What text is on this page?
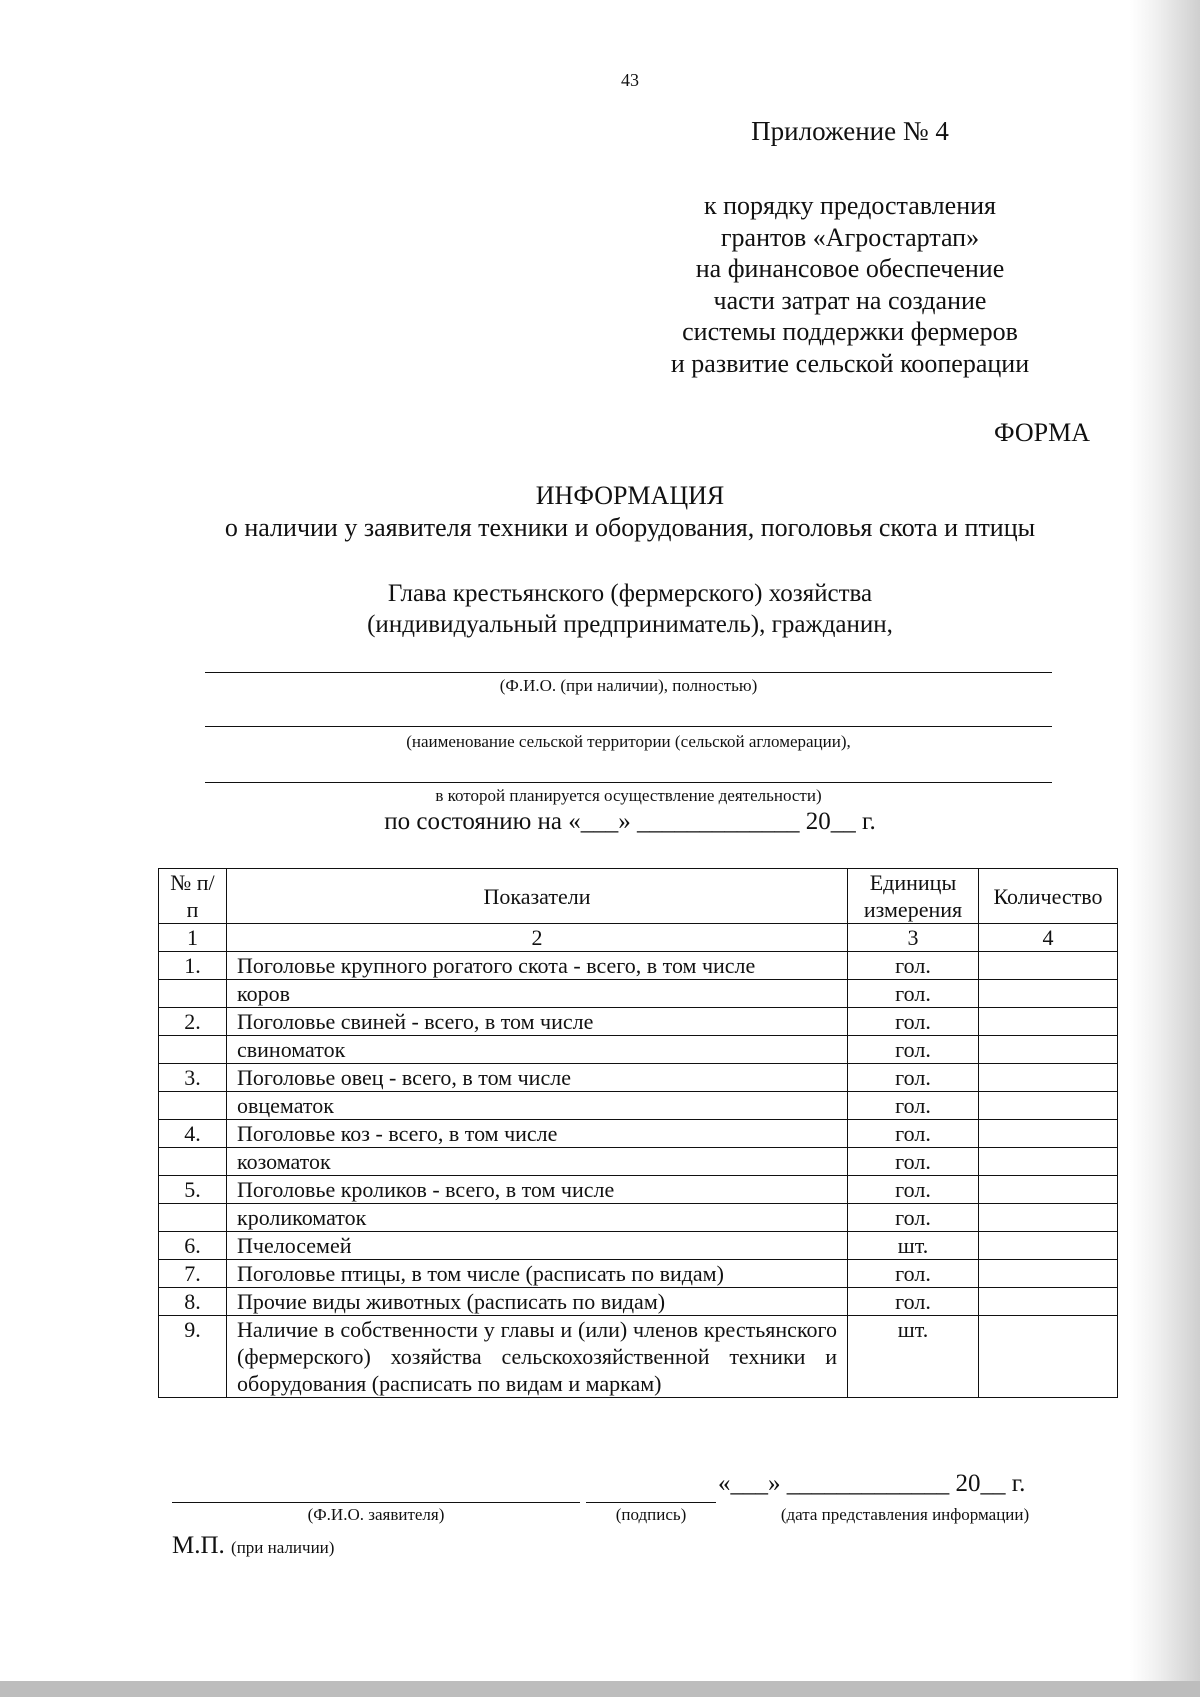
43
Приложение № 4
к порядку предоставления
грантов «Агростартап»
на финансовое обеспечение
части затрат на создание
системы поддержки фермеров
и развитие сельской кооперации
ФОРМА
ИНФОРМАЦИЯ
о наличии у заявителя техники и оборудования, поголовья скота и птицы
Глава крестьянского (фермерского) хозяйства
(индивидуальный предприниматель), гражданин,
(Ф.И.О. (при наличии), полностью)
(наименование сельской территории (сельской агломерации),
в которой планируется осуществление деятельности)
по состоянию на «___» _____________ 20__ г.
№ п/п	Показатели	Единицы измерения	Количество
1	2	3	4
1.	Поголовье крупного рогатого скота - всего, в том числе	гол.	
	коров	гол.	
2.	Поголовье свиней - всего, в том числе	гол.	
	свиноматок	гол.	
3.	Поголовье овец - всего, в том числе	гол.	
	овцематок	гол.	
4.	Поголовье коз - всего, в том числе	гол.	
	козоматок	гол.	
5.	Поголовье кроликов - всего, в том числе	гол.	
	кроликоматок	гол.	
6.	Пчелосемей	шт.	
7.	Поголовье птицы, в том числе (расписать по видам)	гол.	
8.	Прочие виды животных (расписать по видам)	гол.	
9.	Наличие в собственности у главы и (или) членов крестьянского (фермерского) хозяйства сельскохозяйственной техники и оборудования (расписать по видам и маркам)	шт.	
«___» _____________ 20__ г.
(Ф.И.О. заявителя)	(подпись)	(дата представления информации)
М.П. (при наличии)
